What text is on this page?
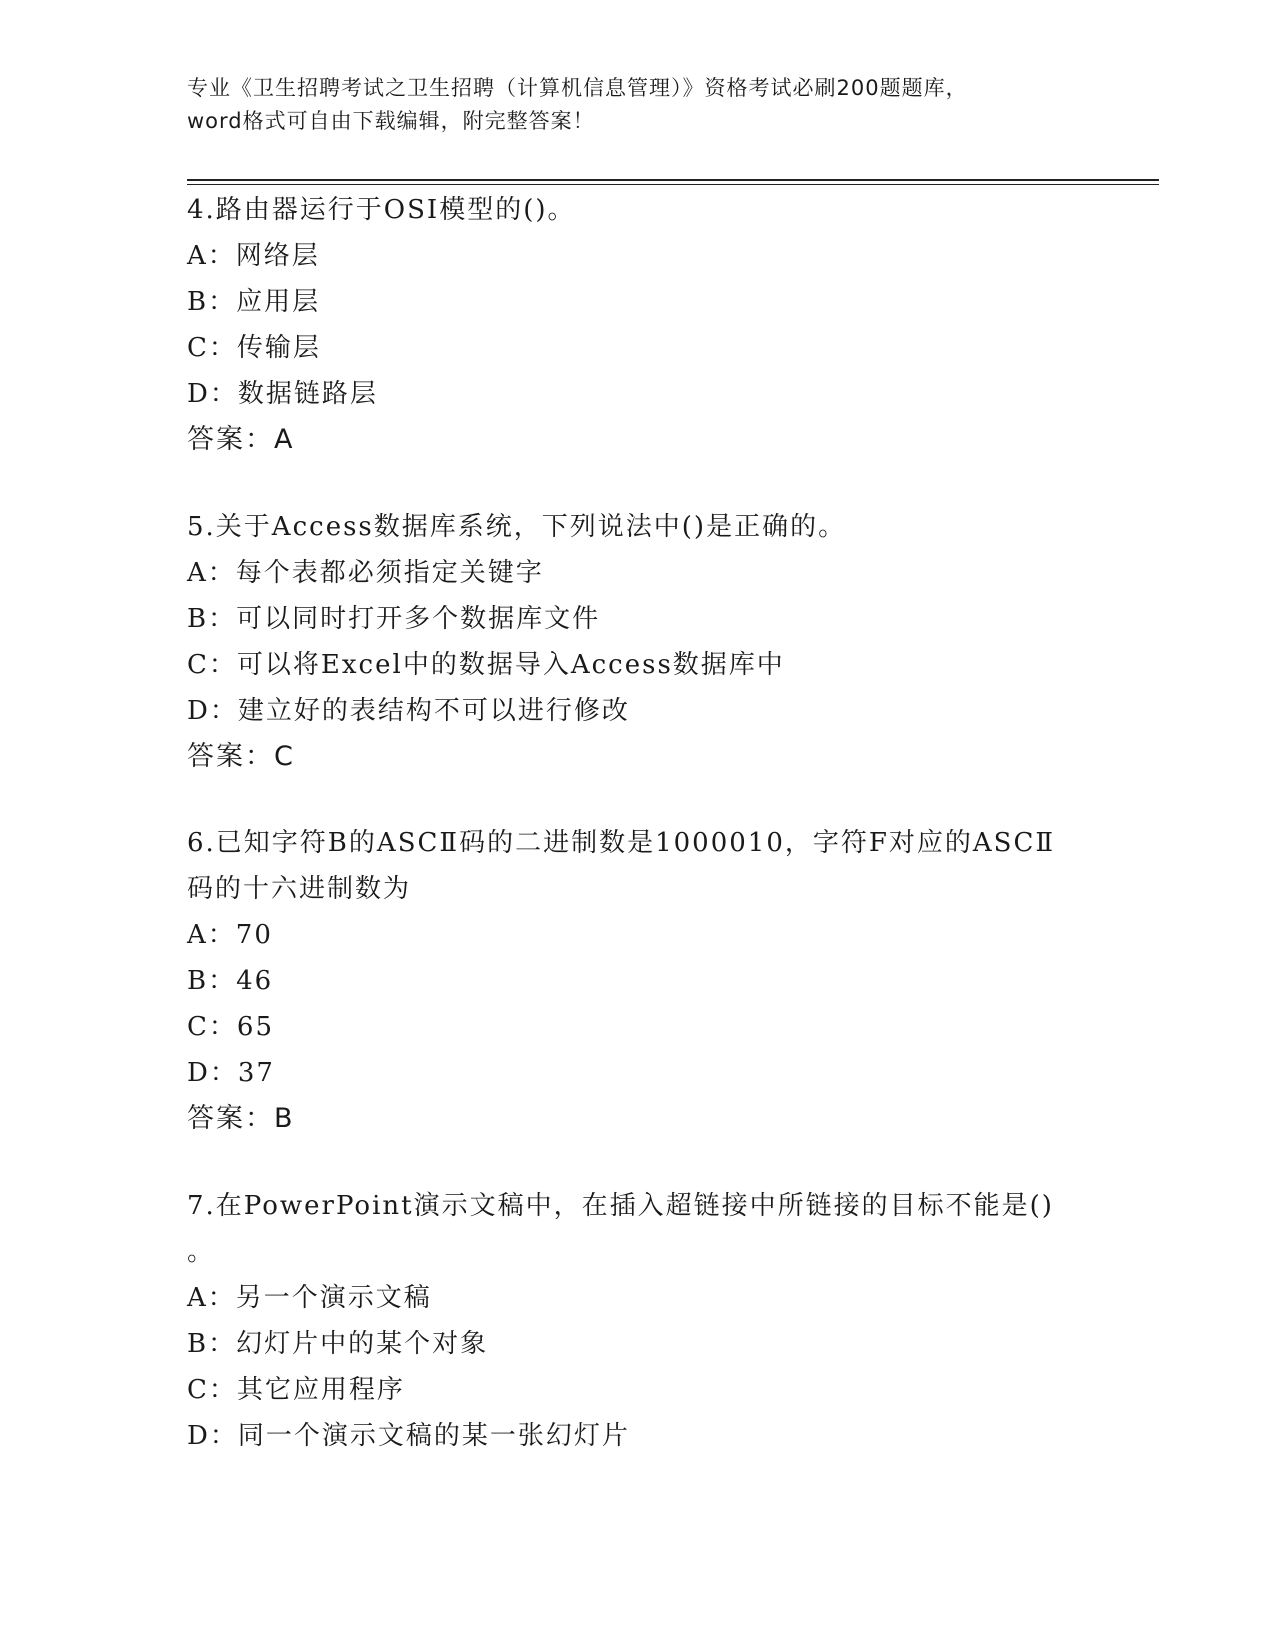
专业《卫生招聘考试之卫生招聘（计算机信息管理）》资格考试必刷200题题库，
word格式可自由下载编辑，附完整答案！
4.路由器运行于OSI模型的()。
A：网络层
B：应用层
C：传输层
D：数据链路层
答案：A
5.关于Access数据库系统，下列说法中()是正确的。
A：每个表都必须指定关键字
B：可以同时打开多个数据库文件
C：可以将Excel中的数据导入Access数据库中
D：建立好的表结构不可以进行修改
答案：C
6.已知字符B的ASCⅡ码的二进制数是1000010，字符F对应的ASCⅡ
码的十六进制数为
A：70
B：46
C：65
D：37
答案：B
7.在PowerPoint演示文稿中，在插入超链接中所链接的目标不能是()
。
A：另一个演示文稿
B：幻灯片中的某个对象
C：其它应用程序
D：同一个演示文稿的某一张幻灯片
